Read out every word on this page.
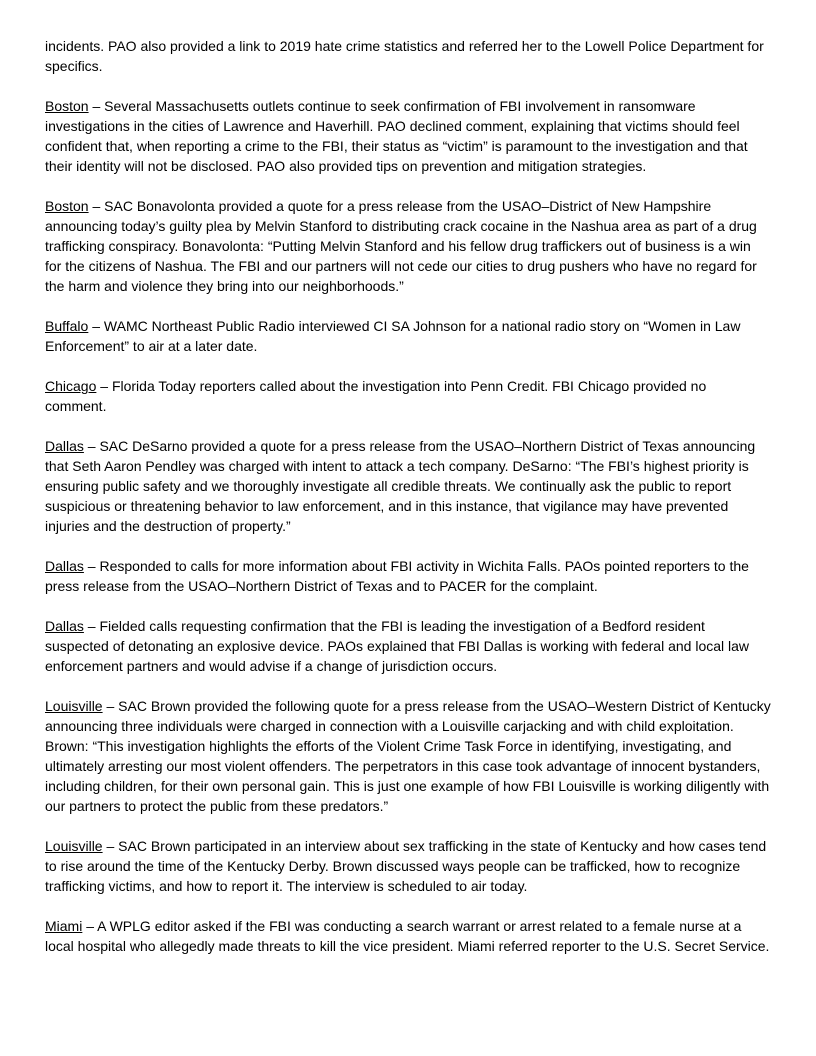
incidents. PAO also provided a link to 2019 hate crime statistics and referred her to the Lowell Police Department for specifics.

Boston – Several Massachusetts outlets continue to seek confirmation of FBI involvement in ransomware investigations in the cities of Lawrence and Haverhill. PAO declined comment, explaining that victims should feel confident that, when reporting a crime to the FBI, their status as “victim” is paramount to the investigation and that their identity will not be disclosed. PAO also provided tips on prevention and mitigation strategies.

Boston – SAC Bonavolonta provided a quote for a press release from the USAO–District of New Hampshire announcing today’s guilty plea by Melvin Stanford to distributing crack cocaine in the Nashua area as part of a drug trafficking conspiracy. Bonavolonta: “Putting Melvin Stanford and his fellow drug traffickers out of business is a win for the citizens of Nashua. The FBI and our partners will not cede our cities to drug pushers who have no regard for the harm and violence they bring into our neighborhoods.”

Buffalo – WAMC Northeast Public Radio interviewed CI SA Johnson for a national radio story on “Women in Law Enforcement” to air at a later date.

Chicago – Florida Today reporters called about the investigation into Penn Credit. FBI Chicago provided no comment.

Dallas – SAC DeSarno provided a quote for a press release from the USAO–Northern District of Texas announcing that Seth Aaron Pendley was charged with intent to attack a tech company. DeSarno: “The FBI’s highest priority is ensuring public safety and we thoroughly investigate all credible threats. We continually ask the public to report suspicious or threatening behavior to law enforcement, and in this instance, that vigilance may have prevented injuries and the destruction of property.”

Dallas – Responded to calls for more information about FBI activity in Wichita Falls. PAOs pointed reporters to the press release from the USAO–Northern District of Texas and to PACER for the complaint.

Dallas – Fielded calls requesting confirmation that the FBI is leading the investigation of a Bedford resident suspected of detonating an explosive device. PAOs explained that FBI Dallas is working with federal and local law enforcement partners and would advise if a change of jurisdiction occurs.

Louisville – SAC Brown provided the following quote for a press release from the USAO–Western District of Kentucky announcing three individuals were charged in connection with a Louisville carjacking and with child exploitation. Brown: “This investigation highlights the efforts of the Violent Crime Task Force in identifying, investigating, and ultimately arresting our most violent offenders. The perpetrators in this case took advantage of innocent bystanders, including children, for their own personal gain. This is just one example of how FBI Louisville is working diligently with our partners to protect the public from these predators.”

Louisville – SAC Brown participated in an interview about sex trafficking in the state of Kentucky and how cases tend to rise around the time of the Kentucky Derby. Brown discussed ways people can be trafficked, how to recognize trafficking victims, and how to report it. The interview is scheduled to air today.

Miami – A WPLG editor asked if the FBI was conducting a search warrant or arrest related to a female nurse at a local hospital who allegedly made threats to kill the vice president. Miami referred reporter to the U.S. Secret Service.
